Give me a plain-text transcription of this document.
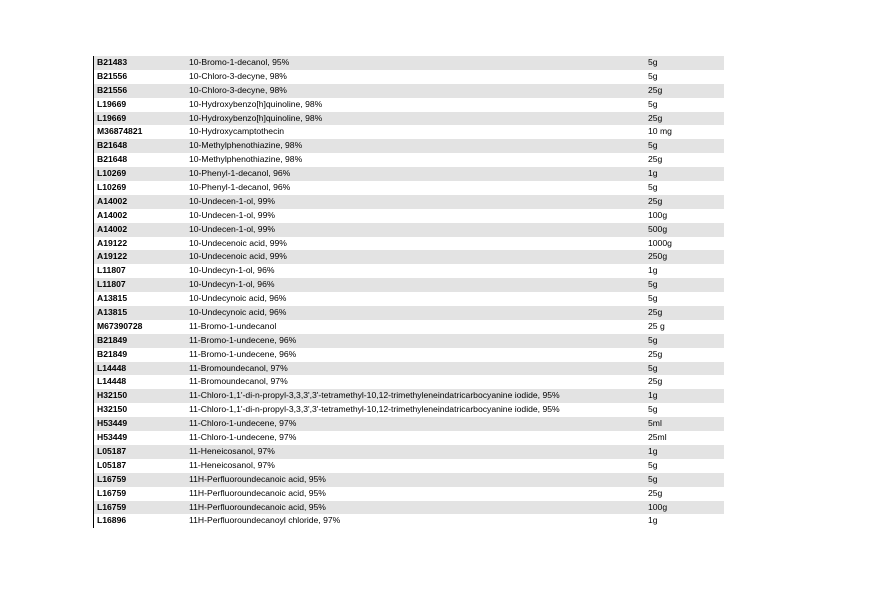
B21483	10-Bromo-1-decanol, 95%	5g
B21556	10-Chloro-3-decyne, 98%	5g
B21556	10-Chloro-3-decyne, 98%	25g
L19669	10-Hydroxybenzo[h]quinoline, 98%	5g
L19669	10-Hydroxybenzo[h]quinoline, 98%	25g
M36874821	10-Hydroxycamptothecin	10 mg
B21648	10-Methylphenothiazine, 98%	5g
B21648	10-Methylphenothiazine, 98%	25g
L10269	10-Phenyl-1-decanol, 96%	1g
L10269	10-Phenyl-1-decanol, 96%	5g
A14002	10-Undecen-1-ol, 99%	25g
A14002	10-Undecen-1-ol, 99%	100g
A14002	10-Undecen-1-ol, 99%	500g
A19122	10-Undecenoic acid, 99%	1000g
A19122	10-Undecenoic acid, 99%	250g
L11807	10-Undecyn-1-ol, 96%	1g
L11807	10-Undecyn-1-ol, 96%	5g
A13815	10-Undecynoic acid, 96%	5g
A13815	10-Undecynoic acid, 96%	25g
M67390728	11-Bromo-1-undecanol	25 g
B21849	11-Bromo-1-undecene, 96%	5g
B21849	11-Bromo-1-undecene, 96%	25g
L14448	11-Bromoundecanol, 97%	5g
L14448	11-Bromoundecanol, 97%	25g
H32150	11-Chloro-1,1'-di-n-propyl-3,3,3',3'-tetramethyl-10,12-trimethyleneindatricarbocyanine iodide, 95%	1g
H32150	11-Chloro-1,1'-di-n-propyl-3,3,3',3'-tetramethyl-10,12-trimethyleneindatricarbocyanine iodide, 95%	5g
H53449	11-Chloro-1-undecene, 97%	5ml
H53449	11-Chloro-1-undecene, 97%	25ml
L05187	11-Heneicosanol, 97%	1g
L05187	11-Heneicosanol, 97%	5g
L16759	11H-Perfluoroundecanoic acid, 95%	5g
L16759	11H-Perfluoroundecanoic acid, 95%	25g
L16759	11H-Perfluoroundecanoic acid, 95%	100g
L16896	11H-Perfluoroundecanoyl chloride, 97%	1g
